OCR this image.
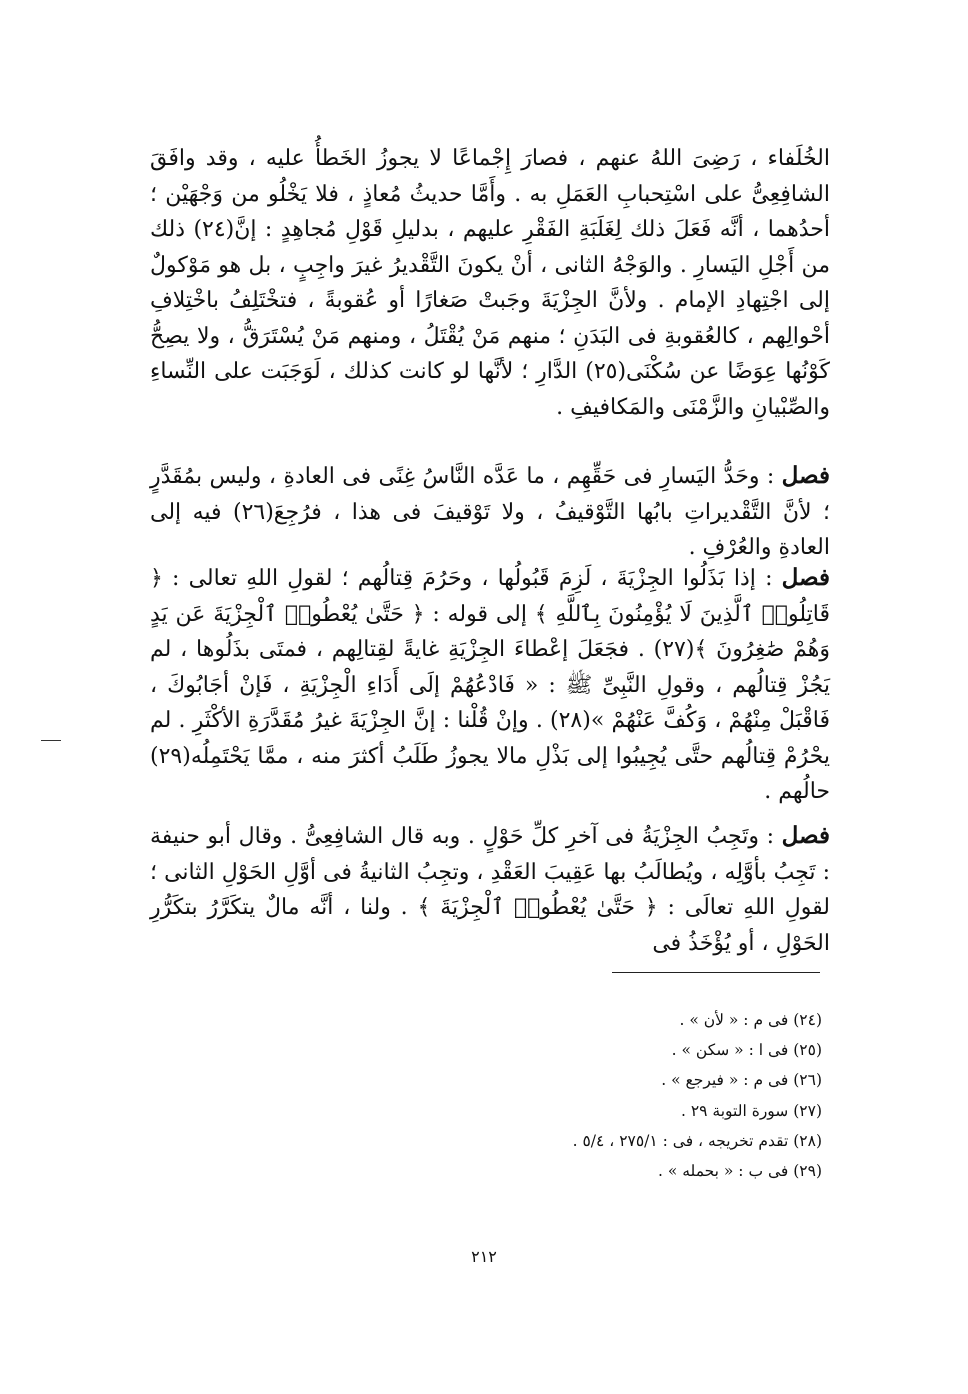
الخُلَفاء ، رَضِىَ اللهُ عنهم ، فصارَ إِجْماعًا لا يجوزُ الخَطأُ عليه ، وقد وافَقَ الشافِعِىُّ على اسْتِحبابِ العَمَلِ به . وأَمَّا حديثُ مُعاذٍ ، فلا يَخْلُو من وَجْهَيْن ؛ أحدُهما ، أنَّه فَعَلَ ذلك لِغَلَبَةِ الفَقْرِ عليهم ، بدليلِ قَوْلِ مُجاهِدٍ : إنَّ(٢٤) ذلك من أَجْلِ اليَسارِ . والوَجْهُ الثانى ، أنْ يكونَ التَّقْديرُ غيرَ واجِبٍ ، بل هو مَوْكولٌ إلى اجْتِهادِ الإمام . ولأنَّ الجِزْيَةَ وجَبتْ صَغارًا أو عُقوبةً ، فتخْتَلِفُ باخْتِلافِ أحْوالِهم ، كالعُقوبةِ فى البَدَنِ ؛ منهم مَنْ يُقْتَلُ ، ومنهم مَنْ يُسْتَرَقُّ ، ولا يصِحُّ كَوْنُها عِوَضًا عن سُكْنَى(٢٥) الدَّارِ ؛ لأنَّها لو كانت كذلك ، لَوَجَبَت على النِّساءِ والصِّبْيانِ والزَّمْنَى والمَكافيفِ .

فصل : وحَدُّ اليَسارِ فى حَقِّهِم ، ما عَدَّه النَّاسُ غِنًى فى العادةِ ، وليس بمُقَدَّرٍ ؛ لأنَّ التَّقْديراتِ بابُها التَّوْقيفُ ، ولا تَوْقيفَ فى هذا ، فرُجِعَ(٢٦) فيه إلى العادةِ والعُرْفِ .

فصل : إذا بَذَلُوا الجِزْيَةَ ، لَزِمَ قَبُولُها ، وحَرُمَ قِتالُهم ؛ لقولِ اللهِ تعالى : ﴿ قَاتِلُوا۟ ٱلَّذِينَ لَا يُؤْمِنُونَ بِٱللَّهِ ﴾ إلى قوله : ﴿ حَتَّىٰ يُعْطُوا۟ ٱلْجِزْيَةَ عَن يَدٍ وَهُمْ صَٰغِرُونَ ﴾(٢٧) . فجَعَلَ إعْطاءَ الجِزْيَةِ غايةً لقِتالِهم ، فمتَى بذَلُوها ، لم يَجُزْ قِتالُهم ، وقولِ النَّبِىِّ ﷺ : « فَادْعُهُمْ إلَى أَدَاءِ الْجِزْيَةِ ، فَإنْ أجَابُوكَ ، فَاقْبَلْ مِنْهُمْ ، وَكُفَّ عَنْهُمْ »(٢٨) . وإنْ قُلْنا : إنَّ الجِزْيَةَ غيرُ مُقَدَّرَةِ الأكْثَرِ . لم يحْرُمْ قِتالُهم حتَّى يُجِيبُوا إلى بَذْلِ مالا يجوزُ طَلَبُ أكثرَ منه ، ممَّا يَحْتَمِلُه(٢٩) حالُهم .

فصل : وتَجِبُ الجِزْيَةُ فى آخرِ كلِّ حَوْلٍ . وبه قال الشافِعِىُّ . وقال أبو حنيفة : تَجِبُ بأوَّلِه ، ويُطالَبُ بها عَقِيبَ العَقْدِ ، وتجِبُ الثانيةُ فى أوَّلِ الحَوْلِ الثانى ؛ لقولِ اللهِ تعالَى : ﴿ حَتَّىٰ يُعْطُوا۟ ٱلْجِزْيَةَ ﴾ . ولنا ، أنَّه مالٌ يتكَرَّرُ بتكَرُّرِ الحَوْلِ ، أو يُؤْخَذُ فى

(٢٤) فى م : « لأن » .
(٢٥) فى ا : « سكن » .
(٢٦) فى م : « فيرجع » .
(٢٧) سورة التوبة ٢٩ .
(٢٨) تقدم تخريجه ، فى : ٢٧٥/١ ، ٥/٤ .
(٢٩) فى ب : « بحمله » .
٢١٢
